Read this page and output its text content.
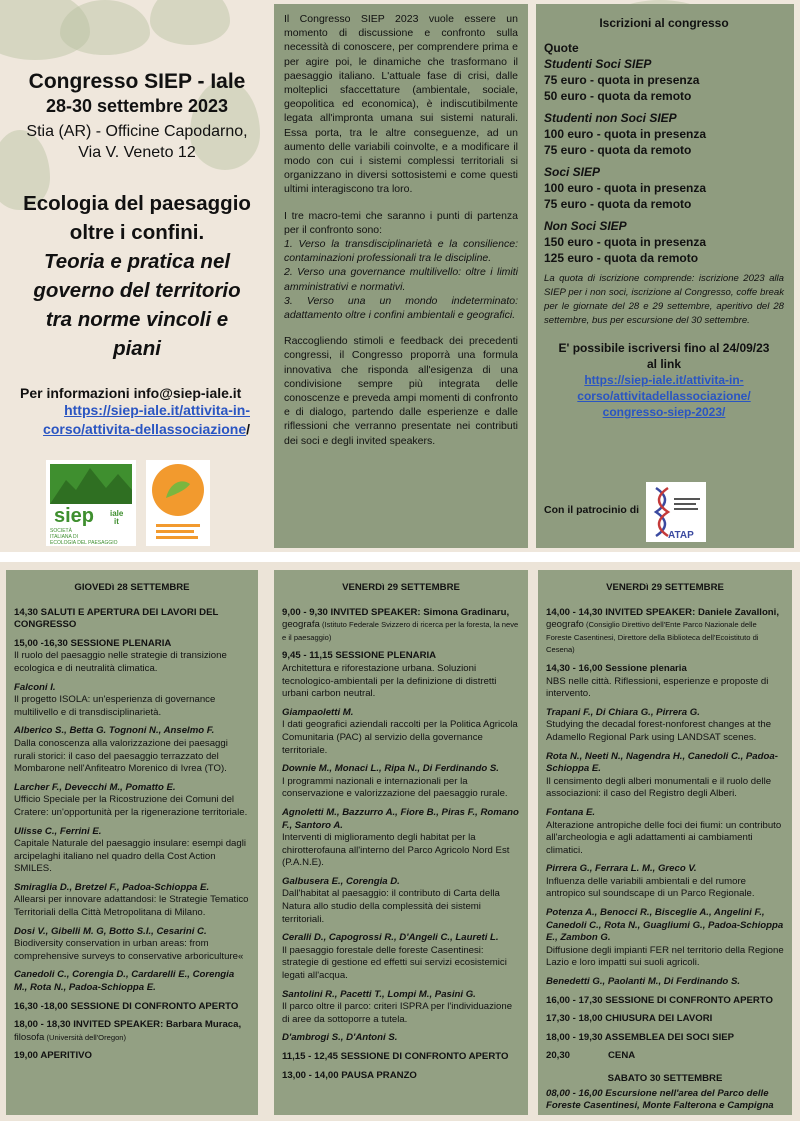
Congresso SIEP - Iale
28-30 settembre 2023
Stia (AR) - Officine Capodarno,
Via V. Veneto 12
Ecologia del paesaggio
oltre i confini.
Teoria e pratica nel
governo del territorio
tra norme vincoli e
piani
Per informazioni info@siep-iale.it
https://siep-iale.it/attivita-in-
corso/attivita-dellassociazione/
siep iale
it
SOCIETÀ
ITALIANA DI
ECOLOGIA DEL PAESAGGIO

Il Congresso SIEP 2023 vuole essere un momento di discussione e confronto sulla necessità di conoscere, per comprendere prima e per agire poi, le dinamiche che trasformano il paesaggio italiano. L'attuale fase di crisi, dalle molteplici sfaccettature (ambientale, sociale, geopolitica ed economica), è indiscutibilmente legata all'impronta umana sui sistemi naturali. Essa porta, tra le altre conseguenze, ad un aumento delle variabili coinvolte, e a modificare il modo con cui i sistemi complessi territoriali si organizzano in diversi sottosistemi e come questi ultimi interagiscono tra loro.

I tre macro-temi che saranno i punti di partenza per il confronto sono:

1. Verso la transdisciplinarietà e la consilience: contaminazioni professionali tra le discipline.
2. Verso una governance multilivello: oltre i limiti amministrativi e normativi.
3. Verso una un mondo indeterminato: adattamento oltre i confini ambientali e geografici.

Raccogliendo stimoli e feedback dei precedenti congressi, il Congresso proporrà una formula innovativa che risponda all'esigenza di una condivisione sempre più integrata delle conoscenze e preveda ampi momenti di confronto e di dialogo, partendo dalle esperienze e dalle riflessioni che verranno presentate nei contributi dei soci e degli invited speakers.

Iscrizioni al congresso
Quote
Studenti Soci SIEP
75 euro - quota in presenza
50 euro - quota da remoto
Studenti non Soci SIEP
100 euro - quota in presenza
75 euro - quota da remoto
Soci SIEP
100 euro - quota in presenza
75 euro - quota da remoto
Non Soci SIEP
150 euro - quota in presenza
125 euro - quota da remoto
La quota di iscrizione comprende: iscrizione 2023 alla SIEP per i non soci, iscrizione al Congresso, coffe break per le giornate del 28 e 29 settembre, aperitivo del 28 settembre, bus per escursione del 30 settembre.
E' possibile iscriversi fino al 24/09/23
al link
https://siep-iale.it/attivita-in-
corso/attivitadellassociazione/
congresso-siep-2023/
Con il patrocinio di
ATAP
GIOVEDì 28 SETTEMBRE
14,30 SALUTI E APERTURA DEI LAVORI DEL CONGRESSO
15,00 -16,30 SESSIONE PLENARIA
Il ruolo del paesaggio nelle strategie di transizione ecologica e di neutralità climatica.
Falconi I.
Il progetto ISOLA: un'esperienza di governance multilivello e di transdisciplinarietà.
Alberico S., Betta G. Tognoni N., Anselmo F.
Dalla conoscenza alla valorizzazione dei paesaggi rurali storici: il caso del paesaggio terrazzato del Mombarone nell'Anfiteatro Morenico di Ivrea (TO).
Larcher F., Devecchi M., Pomatto E.
Ufficio Speciale per la Ricostruzione dei Comuni del Cratere: un'opportunità per la rigenerazione territoriale.
Ulisse C., Ferrini E.
Capitale Naturale del paesaggio insulare: esempi dagli arcipelaghi italiano nel quadro della Cost Action SMILES.
Smiraglia D., Bretzel F., Padoa-Schioppa E.
Allearsi per innovare adattandosi: le Strategie Tematico Territoriali della Città Metropolitana di Milano.
Dosi V., Gibelli M. G, Botto S.I., Cesarini C.
Biodiversity conservation in urban areas: from comprehensive surveys to conservative arboriculture«
Canedoli C., Corengia D., Cardarelli E., Corengia M., Rota N., Padoa-Schioppa E.
16,30 -18,00 SESSIONE DI CONFRONTO APERTO
18,00 - 18,30 INVITED SPEAKER: Barbara Muraca,
filosofa (Università dell'Oregon)
19,00 APERITIVO
VENERDì 29 SETTEMBRE
9,00 - 9,30 INVITED SPEAKER: Simona Gradinaru,
geografa (Istituto Federale Svizzero di ricerca per la foresta, la neve e il paesaggio)
9,45 - 11,15 SESSIONE PLENARIA
Architettura e riforestazione urbana. Soluzioni tecnologico-ambientali per la definizione di distretti urbani carbon neutral.
Giampaoletti M.
I dati geografici aziendali raccolti per la Politica Agricola Comunitaria (PAC) al servizio della governance territoriale.
Downie M., Monaci L., Ripa N., Di Ferdinando S.
I programmi nazionali e internazionali per la conservazione e valorizzazione del paesaggio rurale.
Agnoletti M., Bazzurro A., Fiore B., Piras F., Romano F., Santoro A.
Interventi di miglioramento degli habitat per la chirotterofauna all'interno del Parco Agricolo Nord Est (P.A.N.E).
Galbusera E., Corengia D.
Dall'habitat al paesaggio: il contributo di Carta della Natura allo studio della complessità dei sistemi territoriali.
Ceralli D., Capogrossi R., D'Angeli C., Laureti L.
Il paesaggio forestale delle foreste Casentinesi: strategie di gestione ed effetti sui servizi ecosistemici legati all'acqua.
Santolini R., Pacetti T., Lompi M., Pasini G.
Il parco oltre il parco: criteri ISPRA per l'individuazione di aree da sottoporre a tutela.
D'ambrogi S., D'Antoni S.
11,15 - 12,45 SESSIONE DI CONFRONTO APERTO
13,00 - 14,00 PAUSA PRANZO
VENERDì 29 SETTEMBRE
14,00 - 14,30 INVITED SPEAKER: Daniele Zavalloni,
geografo (Consiglio Direttivo dell'Ente Parco Nazionale delle Foreste Casentinesi, Direttore della Biblioteca dell'Ecoistituto di Cesena)
14,30 - 16,00 Sessione plenaria
NBS nelle città. Riflessioni, esperienze e proposte di intervento.
Trapani F., Di Chiara G., Pirrera G.
Studying the decadal forest-nonforest changes at the Adamello Regional Park using LANDSAT scenes.
Rota N., Neeti N., Nagendra H., Canedoli C., Padoa-Schioppa E.
Il censimento degli alberi monumentali e il ruolo delle associazioni: il caso del Registro degli Alberi.
Fontana E.
Alterazione antropiche delle foci dei fiumi: un contributo all'archeologia e agli adattamenti ai cambiamenti climatici.
Pirrera G., Ferrara L. M., Greco V.
Influenza delle variabili ambientali e del rumore antropico sul soundscape di un Parco Regionale.
Potenza A., Benocci R., Bisceglie A., Angelini F., Canedoli C., Rota N., Guagliumi G., Padoa-Schioppa E., Zambon G.
Diffusione degli impianti FER nel territorio della Regione Lazio e loro impatti sui suoli agricoli.
Benedetti G., Paolanti M., Di Ferdinando S.
16,00 - 17,30 SESSIONE DI CONFRONTO APERTO
17,30 - 18,00 CHIUSURA DEI LAVORI
18,00 - 19,30 ASSEMBLEA DEI SOCI SIEP
20,30	CENA
SABATO 30 SETTEMBRE
08,00 - 16,00 Escursione nell'area del Parco delle Foreste Casentinesi, Monte Falterona e Campigna
